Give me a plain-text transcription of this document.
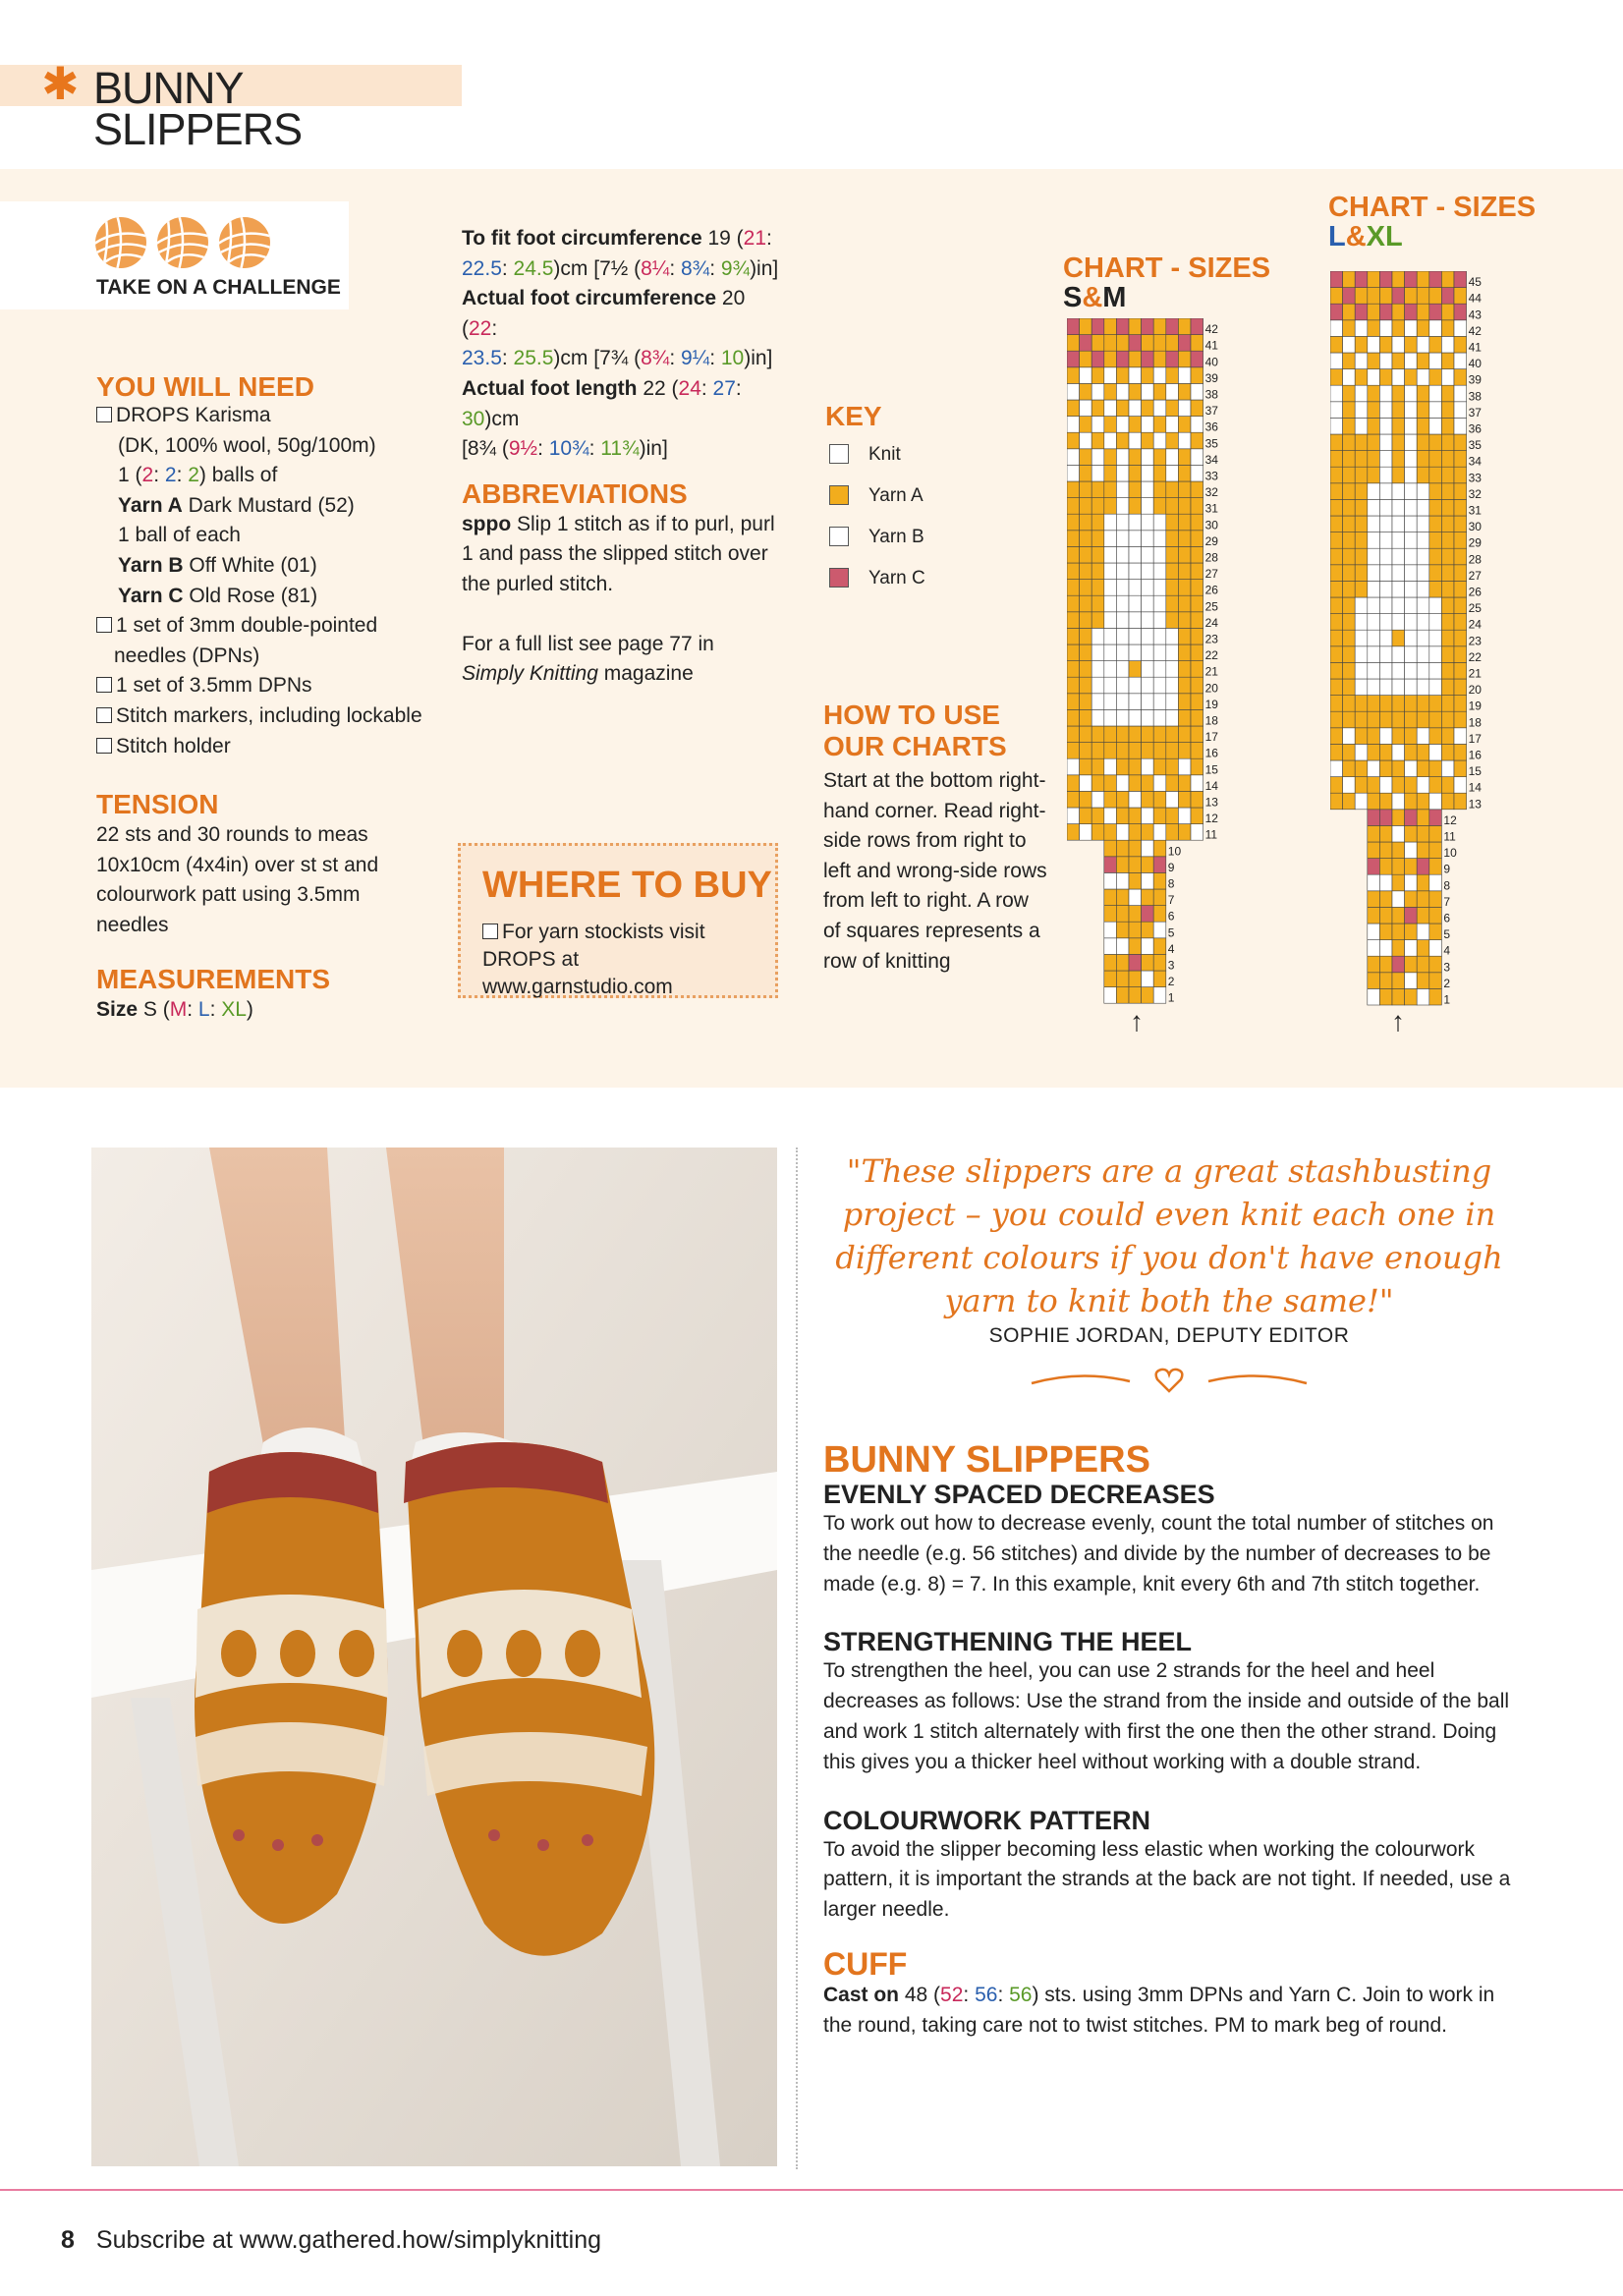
✱ BUNNY SLIPPERS
TAKE ON A CHALLENGE
YOU WILL NEED
DROPS Karisma
(DK, 100% wool, 50g/100m)
1 (2: 2: 2) balls of
Yarn A Dark Mustard (52)
1 ball of each
Yarn B Off White (01)
Yarn C Old Rose (81)
1 set of 3mm double-pointed
needles (DPNs)
1 set of 3.5mm DPNs
Stitch markers, including lockable
Stitch holder
TENSION
22 sts and 30 rounds to meas
10x10cm (4x4in) over st st and
colourwork patt using 3.5mm needles
MEASUREMENTS
Size S (M: L: XL)
To fit foot circumference 19 (21:
22.5: 24.5)cm [7½ (8¼: 8¾: 9¾)in]
Actual foot circumference 20 (22:
23.5: 25.5)cm [7¾ (8¾: 9¼: 10)in]
Actual foot length 22 (24: 27: 30)cm
[8¾ (9½: 10¾: 11¾)in]
ABBREVIATIONS
sppo Slip 1 stitch as if to purl, purl 1 and pass the slipped stitch over the purled stitch.
For a full list see page 77 in
Simply Knitting magazine
WHERE TO BUY
For yarn stockists visit DROPS at www.garnstudio.com
KEY
Knit
Yarn A
Yarn B
Yarn C
HOW TO USE
OUR CHARTS
Start at the bottom right-hand corner. Read right-side rows from right to left and wrong-side rows from left to right. A row of squares represents a row of knitting
CHART - SIZES
S&M
1
2
3
4
5
6
7
8
9
10
11
12
13
14
15
16
17
18
19
20
21
22
23
24
25
26
27
28
29
30
31
32
33
34
35
36
37
38
39
40
41
42
↑
CHART - SIZES
L&XL
1
2
3
4
5
6
7
8
9
10
11
12
13
14
15
16
17
18
19
20
21
22
23
24
25
26
27
28
29
30
31
32
33
34
35
36
37
38
39
40
41
42
43
44
45
↑
"These slippers are a great stashbusting project – you could even knit each one in different colours if you don't have enough yarn to knit both the same!"
SOPHIE JORDAN, DEPUTY EDITOR
BUNNY SLIPPERS
EVENLY SPACED DECREASES
To work out how to decrease evenly, count the total number of stitches on the needle (e.g. 56 stitches) and divide by the number of decreases to be made (e.g. 8) = 7. In this example, knit every 6th and 7th stitch together.
STRENGTHENING THE HEEL
To strengthen the heel, you can use 2 strands for the heel and heel decreases as follows: Use the strand from the inside and outside of the ball and work 1 stitch alternately with first the one then the other strand. Doing this gives you a thicker heel without working with a double strand.
COLOURWORK PATTERN
To avoid the slipper becoming less elastic when working the colourwork pattern, it is important the strands at the back are not tight. If needed, use a larger needle.
CUFF
Cast on 48 (52: 56: 56) sts. using 3mm DPNs and Yarn C. Join to work in the round, taking care not to twist stitches. PM to mark beg of round.
8 Subscribe at www.gathered.how/simplyknitting
